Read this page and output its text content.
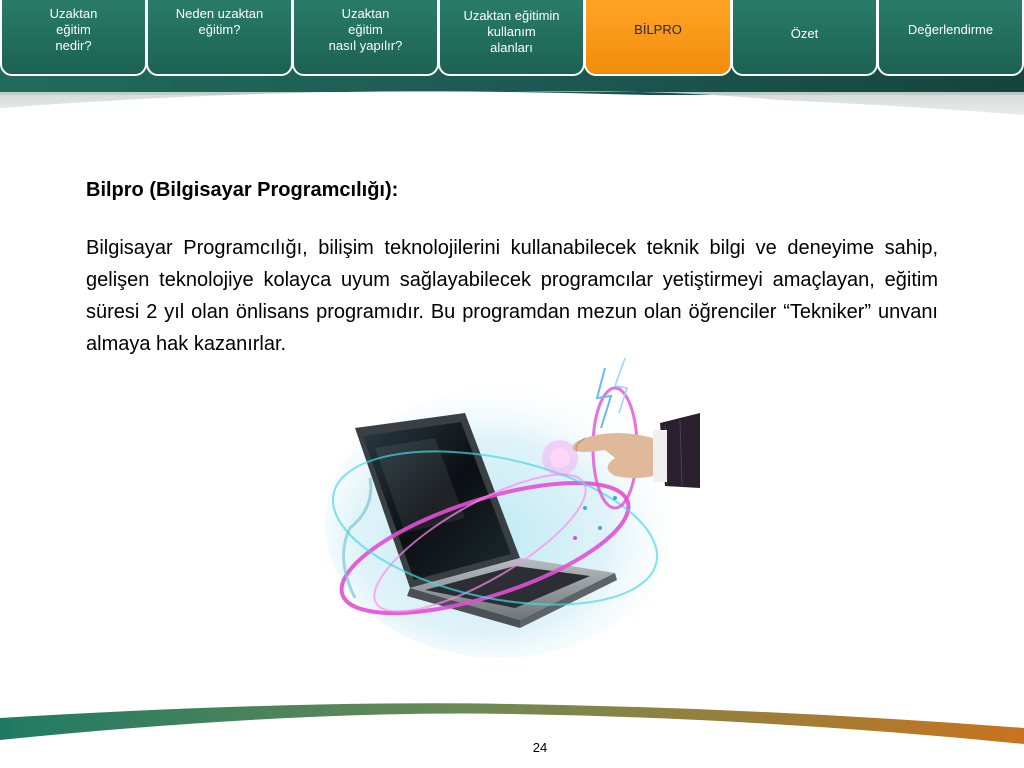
Uzaktan
eğitim
nedir?
Neden uzaktan
eğitim?
Uzaktan
eğitim
nasıl yapılır?
Uzaktan eğitimin
kullanım
alanları
BİLPRO	Özet	Değerlendirme

Bilpro (Bilgisayar Programcılığı):

Bilgisayar Programcılığı, bilişim teknolojilerini kullanabilecek teknik bilgi ve deneyime sahip, gelişen teknolojiye kolayca uyum sağlayabilecek programcılar yetiştirmeyi amaçlayan, eğitim süresi 2 yıl olan önlisans programıdır. Bu programdan mezun olan öğrenciler “Tekniker” unvanı almaya hak kazanırlar.

24
